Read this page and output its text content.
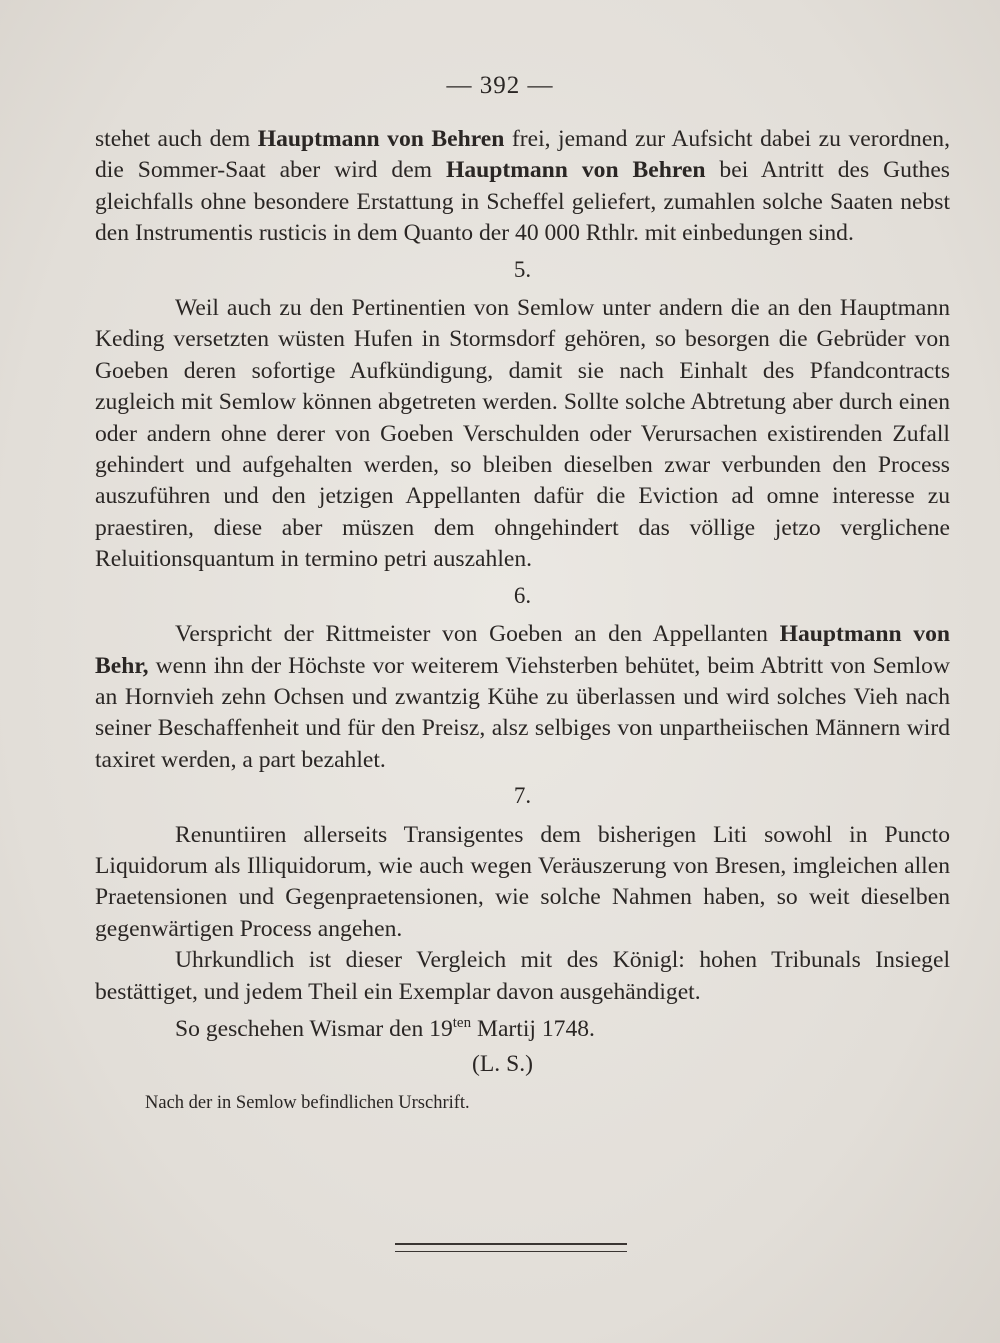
— 392 —

stehet auch dem Hauptmann von Behren frei, jemand zur Aufsicht dabei zu verordnen, die Sommer-Saat aber wird dem Hauptmann von Behren bei Antritt des Guthes gleichfalls ohne besondere Erstattung in Scheffel geliefert, zumahlen solche Saaten nebst den Instrumentis rusticis in dem Quanto der 40 000 Rthlr. mit einbedungen sind.

5.

Weil auch zu den Pertinentien von Semlow unter andern die an den Hauptmann Keding versetzten wüsten Hufen in Stormsdorf gehören, so besorgen die Gebrüder von Goeben deren sofortige Aufkündigung, damit sie nach Einhalt des Pfandcontracts zugleich mit Semlow können abgetreten werden. Sollte solche Abtretung aber durch einen oder andern ohne derer von Goeben Verschulden oder Verursachen existirenden Zufall gehindert und aufgehalten werden, so bleiben dieselben zwar verbunden den Process auszuführen und den jetzigen Appellanten dafür die Eviction ad omne interesse zu praestiren, diese aber müszen dem ohngehindert das völlige jetzo verglichene Reluitionsquantum in termino petri auszahlen.

6.

Verspricht der Rittmeister von Goeben an den Appellanten Hauptmann von Behr, wenn ihn der Höchste vor weiterem Viehsterben behütet, beim Abtritt von Semlow an Hornvieh zehn Ochsen und zwantzig Kühe zu überlassen und wird solches Vieh nach seiner Beschaffenheit und für den Preisz, alsz selbiges von unpartheiischen Männern wird taxiret werden, a part bezahlet.

7.

Renuntiiren allerseits Transigentes dem bisherigen Liti sowohl in Puncto Liquidorum als Illiquidorum, wie auch wegen Veräuszerung von Bresen, imgleichen allen Praetensionen und Gegenpraetensionen, wie solche Nahmen haben, so weit dieselben gegenwärtigen Process angehen.

Uhrkundlich ist dieser Vergleich mit des Königl: hohen Tribunals Insiegel bestättiget, und jedem Theil ein Exemplar davon ausgehändiget.

So geschehen Wismar den $19^{ten}$ Martij 1748.

(L. S.)
Nach der in Semlow befindlichen Urschrift.
